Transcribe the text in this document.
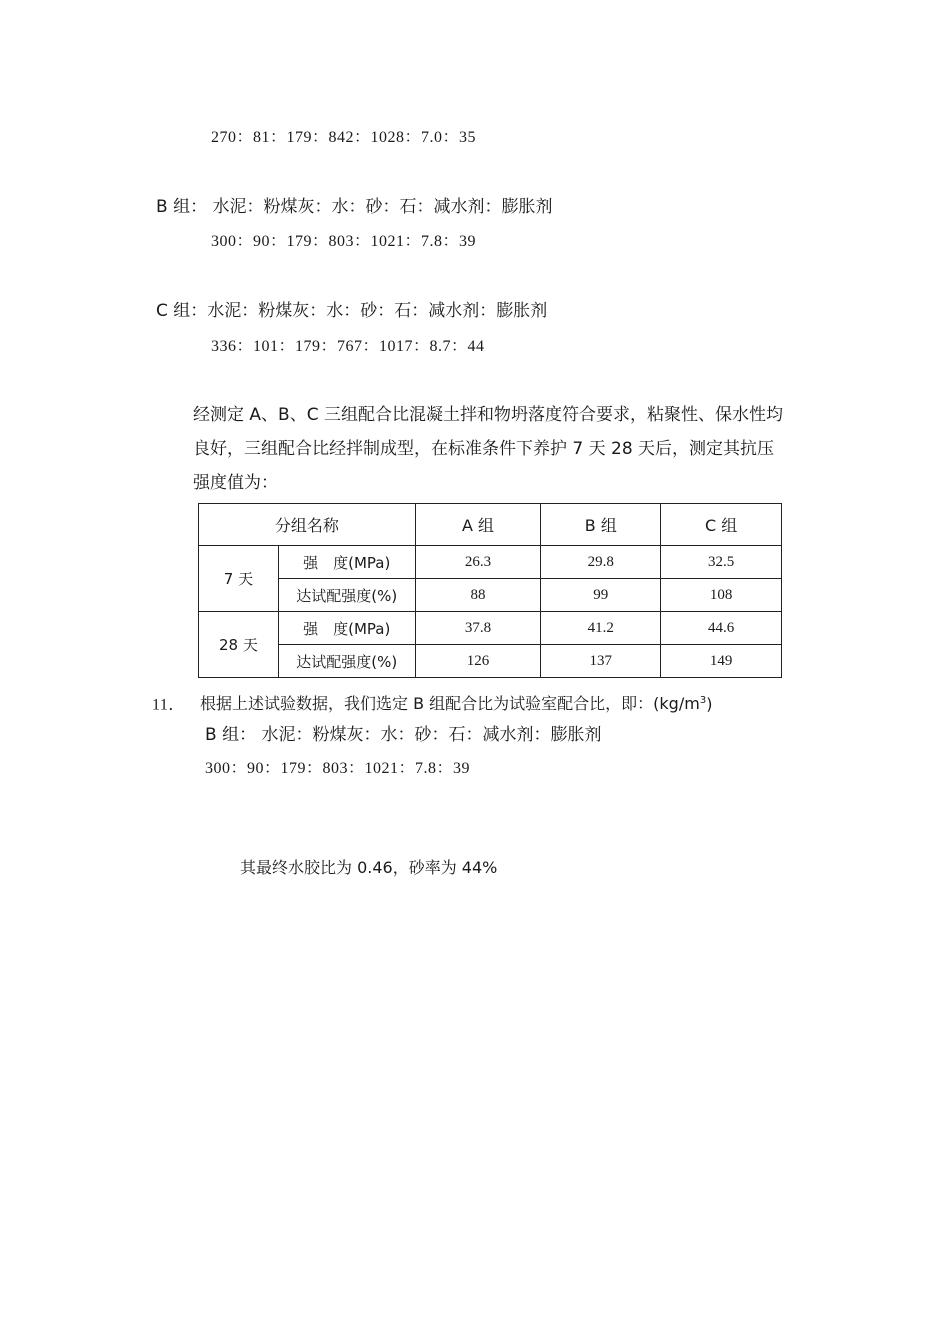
270：81：179：842：1028：7.0：35
B 组： 水泥：粉煤灰：水：砂：石：减水剂：膨胀剂
300：90：179：803：1021：7.8：39
C 组：水泥：粉煤灰：水：砂：石：减水剂：膨胀剂
336：101：179：767：1017：8.7：44
经测定 A、B、C 三组配合比混凝土拌和物坍落度符合要求，粘聚性、保水性均良好，三组配合比经拌制成型，在标准条件下养护 7 天 28 天后，测定其抗压强度值为：
分组名称		A 组	B 组	C 组
7 天	强　度(MPa)	26.3	29.8	32.5
	达试配强度(%)	88	99	108
28 天	强　度(MPa)	37.8	41.2	44.6
	达试配强度(%)	126	137	149
11． 根据上述试验数据，我们选定 B 组配合比为试验室配合比，即：$(kg/m^3)$
B 组： 水泥：粉煤灰：水：砂：石：减水剂：膨胀剂
300：90：179：803：1021：7.8：39
其最终水胶比为 0.46，砂率为 44%
